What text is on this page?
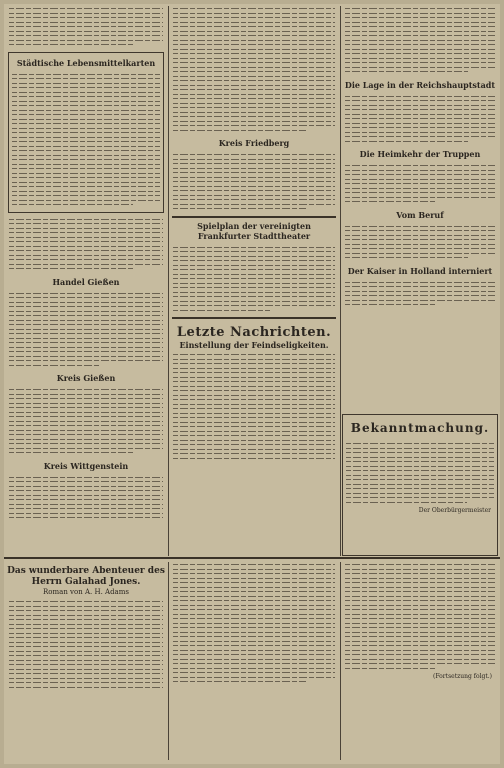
Städtische Lebensmittelkarten
Handel Gießen
Kreis Gießen
Kreis Wittgenstein
Kreis Friedberg
Spielplan der vereinigten Frankfurter Stadttheater
Letzte Nachrichten.
Einstellung der Feindseligkeiten.
Die Lage in der Reichshauptstadt
Die Heimkehr der Truppen
Vom Beruf
Der Kaiser in Holland interniert
Bekanntmachung.
Der Oberbürgermeister
Das wunderbare Abenteuer des Herrn Galahad Jones.
Roman von A. H. Adams
(Fortsetzung folgt.)
